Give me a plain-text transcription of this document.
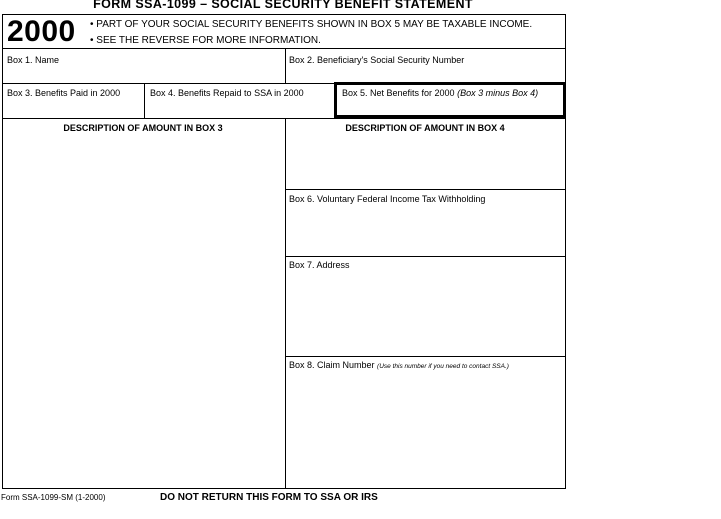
FORM SSA-1099 – SOCIAL SECURITY BENEFIT STATEMENT
2000 • PART OF YOUR SOCIAL SECURITY BENEFITS SHOWN IN BOX 5 MAY BE TAXABLE INCOME.
• SEE THE REVERSE FOR MORE INFORMATION.
Box 1. Name	Box 2. Beneficiary's Social Security Number
Box 3. Benefits Paid in 2000	Box 4. Benefits Repaid to SSA in 2000	Box 5. Net Benefits for 2000 (Box 3 minus Box 4)
DESCRIPTION OF AMOUNT IN BOX 3	DESCRIPTION OF AMOUNT IN BOX 4
Box 6. Voluntary Federal Income Tax Withholding
Box 7. Address
Box 8. Claim Number (Use this number if you need to contact SSA.)
Form SSA-1099-SM (1-2000)	DO NOT RETURN THIS FORM TO SSA OR IRS
